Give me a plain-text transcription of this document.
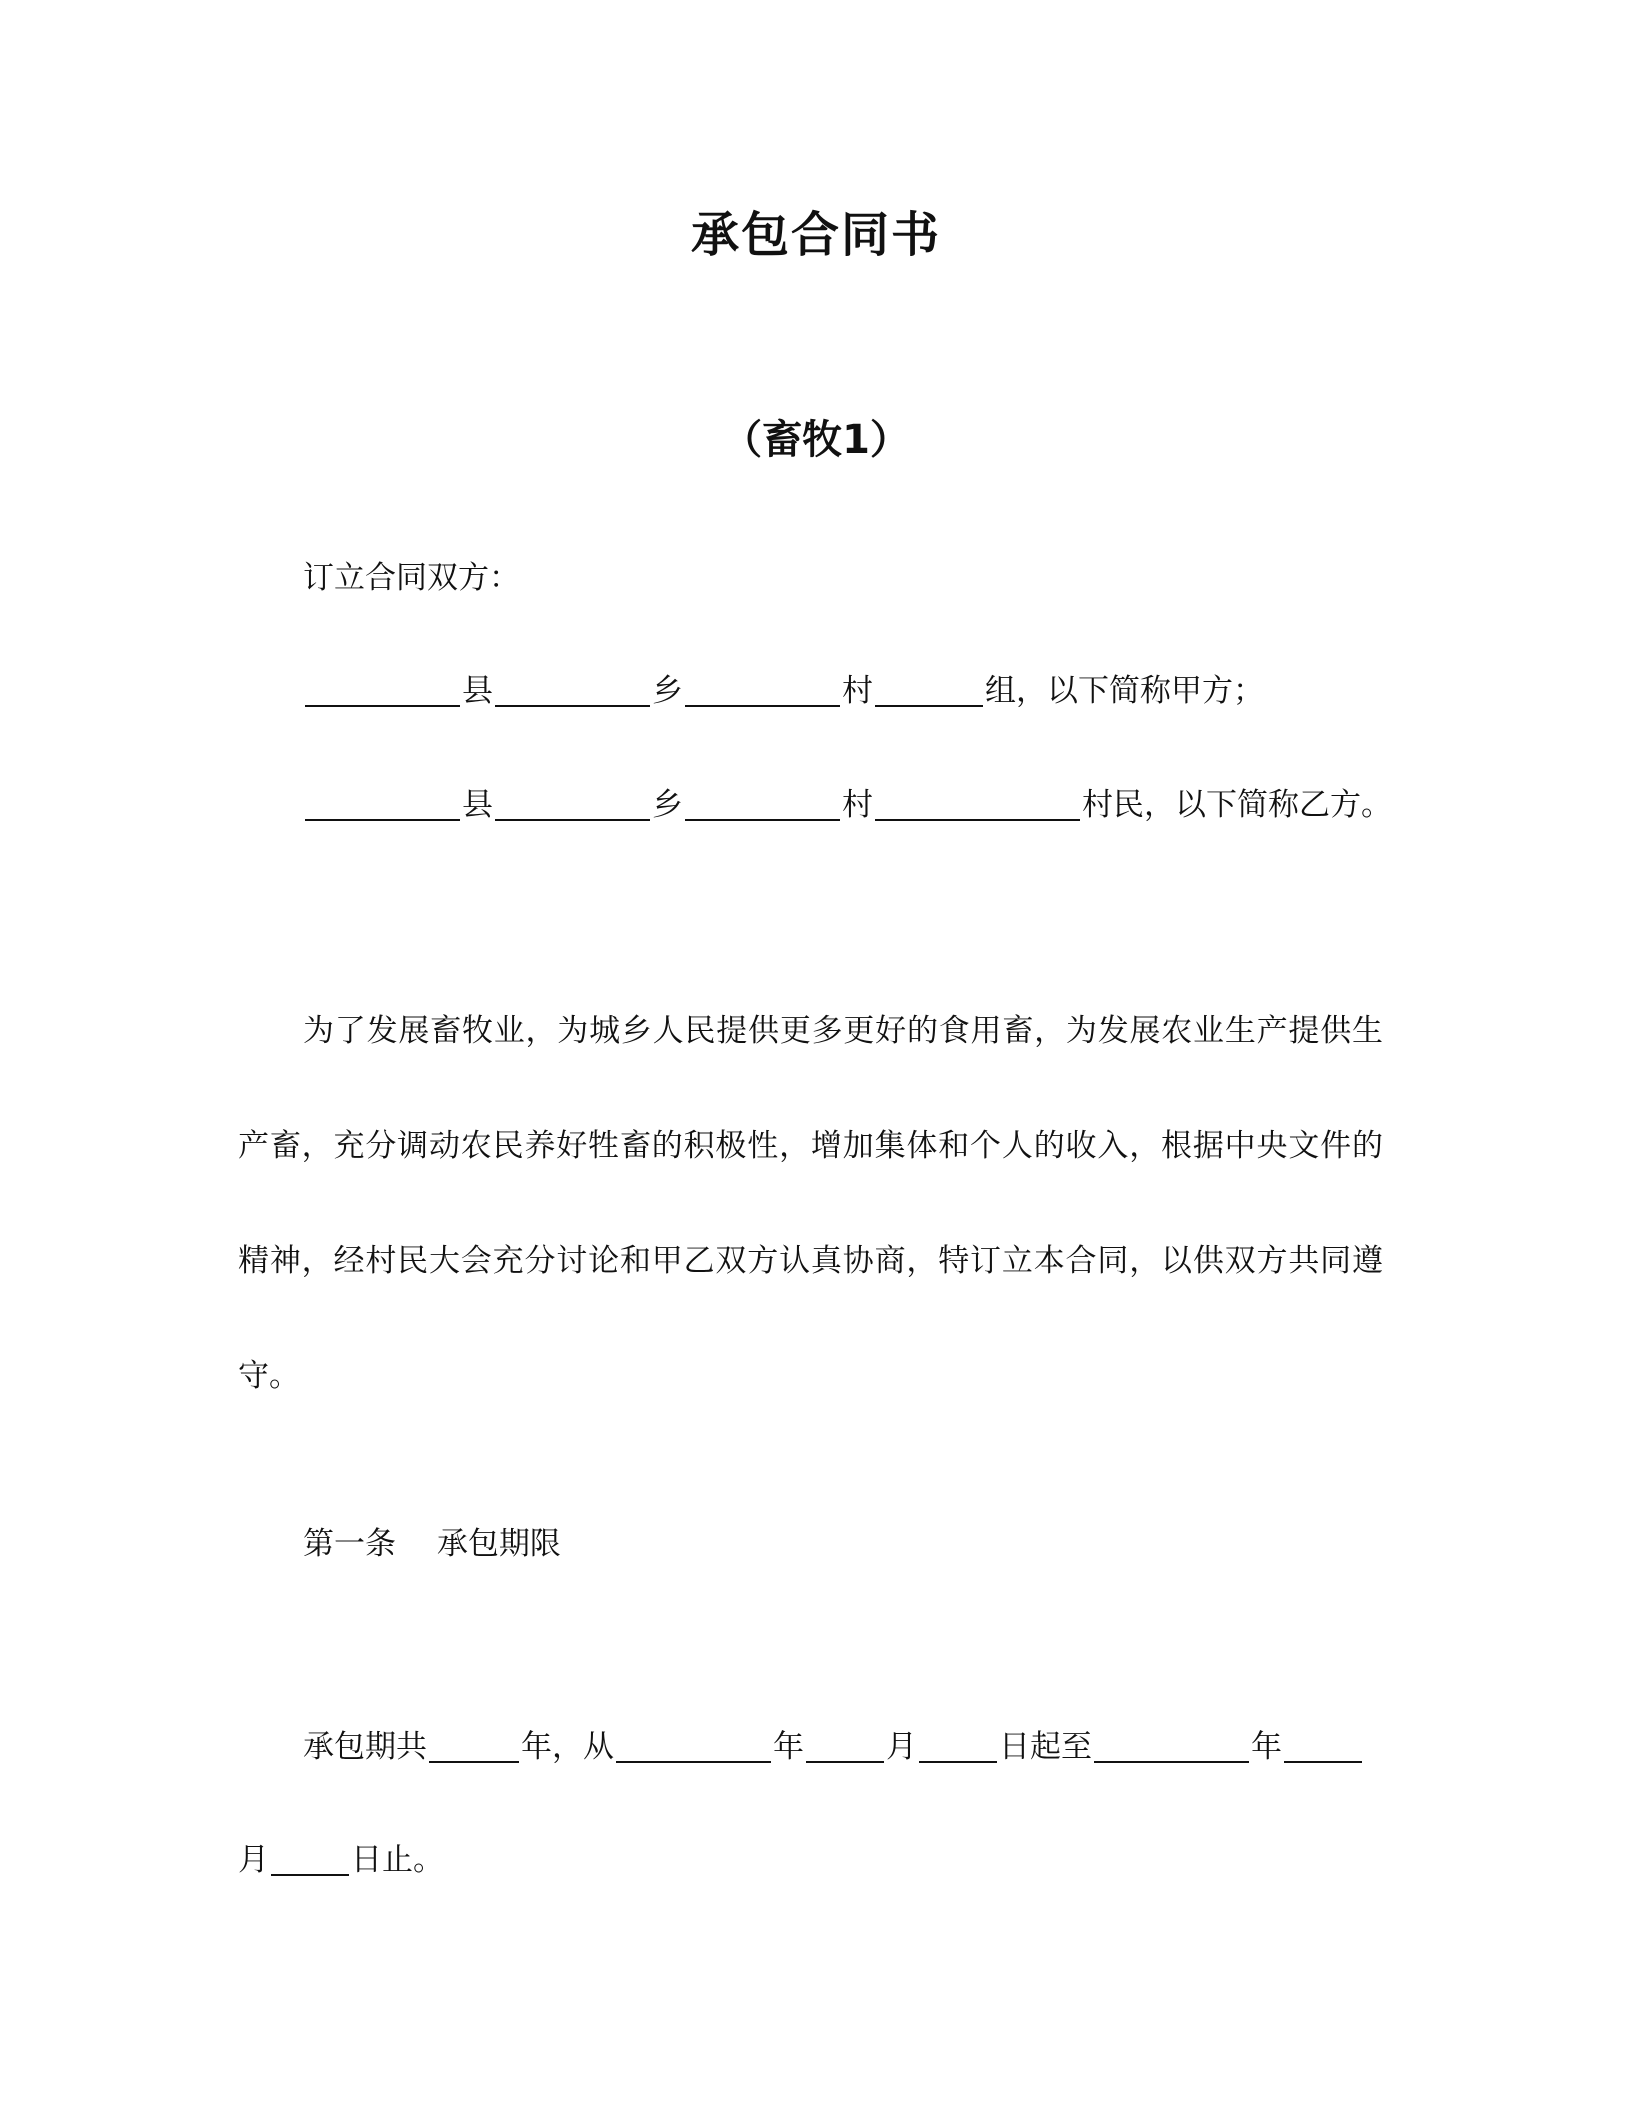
承包合同书
（畜牧1）
订立合同双方：
县	乡	村	组，以下简称甲方；
县	乡	村	村民，以下简称乙方。
为了发展畜牧业，为城乡人民提供更多更好的食用畜，为发展农业生产提供生产畜，充分调动农民养好牲畜的积极性，增加集体和个人的收入，根据中央文件的精神，经村民大会充分讨论和甲乙双方认真协商，特订立本合同，以供双方共同遵守。
第一条　 承包期限
承包期共	年，从	年	月	日起至	年
月	日止。
